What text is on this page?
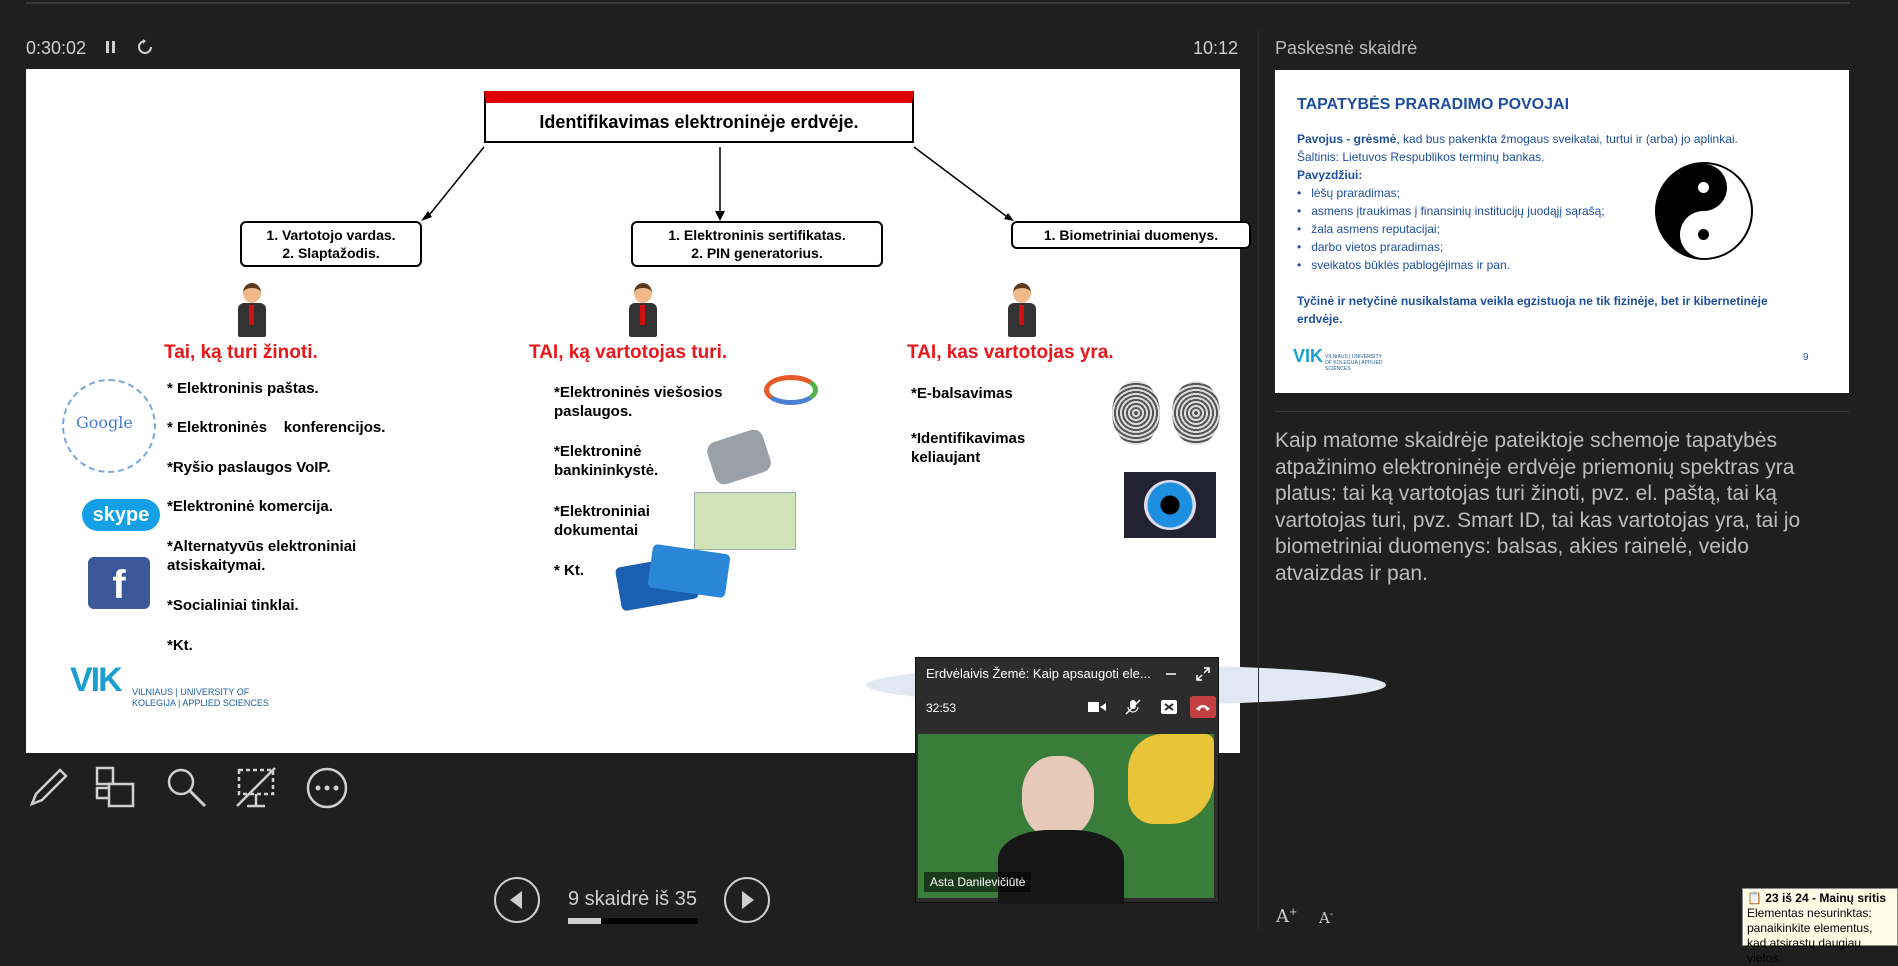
0:30:02	10:12
Identifikavimas elektroninėje erdvėje.
1. Vartotojo vardas.
2. Slaptažodis.
1. Elektroninis sertifikatas.
2. PIN generatorius.
1. Biometriniai duomenys.
Tai, ką turi žinoti.	TAI, ką vartotojas turi.	TAI, kas vartotojas yra.
* Elektroninis paštas.
* Elektroninės    konferencijos.
*Ryšio paslaugos VoIP.
*Elektroninė komercija.
*Alternatyvūs elektroniniai atsiskaitymai.
*Socialiniai tinklai.
*Kt.
Google
skype
f
*Elektroninės viešosios paslaugos.
*Elektroninė bankininkystė.
*Elektroniniai dokumentai
* Kt.
*E-balsavimas
*Identifikavimas keliaujant
VIK VILNIAUS | UNIVERSITY OF
KOLEGIJA | APPLIED SCIENCES
Paskesnė skaidrė
TAPATYBĖS PRARADIMO POVOJAI
Pavojus - grėsmė, kad bus pakenkta žmogaus sveikatai, turtui ir (arba) jo aplinkai.
Šaltinis: Lietuvos Respublikos terminų bankas.
Pavyzdžiui:
•   lėšų praradimas;
•   asmens įtraukimas į finansinių institucijų juodąjį sąrašą;
•   žala asmens reputacijai;
•   darbo vietos praradimas;
•   sveikatos būklės pablogėjimas ir pan.
Tyčinė ir netyčinė nusikalstama veikla egzistuoja ne tik fizinėje, bet ir kibernetinėje erdvėje.
VIK VILNIAUS | UNIVERSITY OF KOLEGIJA | APPLIED SCIENCES
9
Kaip matome skaidrėje pateiktoje schemoje tapatybės atpažinimo elektroninėje erdvėje priemonių spektras yra platus: tai ką vartotojas turi žinoti, pvz. el. paštą, tai ką vartotojas turi, pvz. Smart ID, tai kas vartotojas yra, tai jo biometriniai duomenys: balsas, akies rainelė, veido atvaizdas ir pan.
9 skaidrė iš 35
Erdvėlaivis Žemė: Kaip apsaugoti ele...
32:53
Asta Danilevičiūtė
A+ A-
📋 23 iš 24 - Mainų sritis
Elementas nesurinktas: panaikinkite elementus, kad atsirastų daugiau vietos.
